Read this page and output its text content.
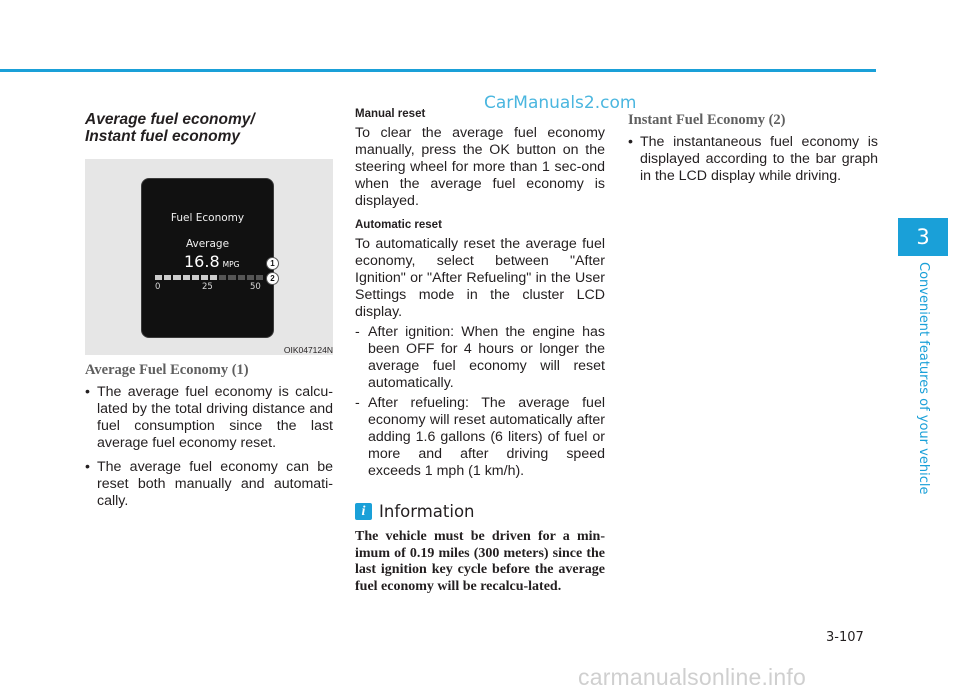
CarManuals2.com
Average fuel economy/
Instant fuel economy
Fuel Economy
Average
16.8 MPG
0	25	50
1
2
OIK047124N
Average Fuel Economy (1)
• The average fuel economy is calcu-lated by the total driving distance and fuel consumption since the last average fuel economy reset.
• The average fuel economy can be reset both manually and automati-cally.
Manual reset
To clear the average fuel economy manually, press the OK button on the steering wheel for more than 1 sec-ond when the average fuel economy is displayed.
Automatic reset
To automatically reset the average fuel economy, select between "After Ignition" or "After Refueling" in the User Settings mode in the cluster LCD display.
- After ignition: When the engine has been OFF for 4 hours or longer the average fuel economy will reset automatically.
- After refueling: The average fuel economy will reset automatically after adding 1.6 gallons (6 liters) of fuel or more and after driving speed exceeds 1 mph (1 km/h).
i Information
The vehicle must be driven for a min-imum of 0.19 miles (300 meters) since the last ignition key cycle before the average fuel economy will be recalcu-lated.
Instant Fuel Economy (2)
• The instantaneous fuel economy is displayed according to the bar graph in the LCD display while driving.
3
Convenient features of your vehicle
3-107
carmanualsonline.info
